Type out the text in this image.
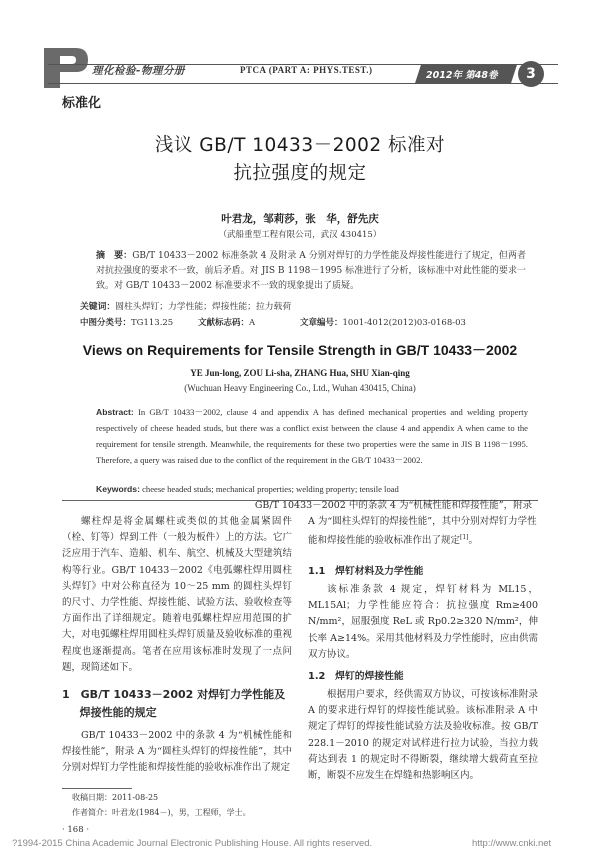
理化检验-物理分册	PTCA (PART A: PHYS.TEST.)	2012年 第48卷	3
标准化
浅议 GB/T 10433－2002 标准对
抗拉强度的规定
叶君龙，邹莉莎，张　华，舒先庆
（武船重型工程有限公司，武汉 430415）
摘　要：GB/T 10433－2002 标准条款 4 及附录 A 分别对焊钉的力学性能及焊接性能进行了规定，但两者对抗拉强度的要求不一致，前后矛盾。对 JIS B 1198－1995 标准进行了分析，该标准中对此性能的要求一致。对 GB/T 10433－2002 标准要求不一致的现象提出了质疑。
关键词：圆柱头焊钉；力学性能；焊接性能；拉力载荷
中图分类号：TG113.25	文献标志码：A	文章编号：1001-4012(2012)03-0168-03
Views on Requirements for Tensile Strength in GB/T 10433－2002
YE Jun-long, ZOU Li-sha, ZHANG Hua, SHU Xian-qing
(Wuchuan Heavy Engineering Co., Ltd., Wuhan 430415, China)
Abstract: In GB/T 10433－2002, clause 4 and appendix A has defined mechanical properties and welding property respectively of cheese headed studs, but there was a conflict exist between the clause 4 and appendix A when came to the requirement for tensile strength. Meanwhile, the requirements for these two properties were the same in JIS B 1198－1995. Therefore, a query was raised due to the conflict of the requirement in the GB/T 10433－2002.
Keywords: cheese headed studs; mechanical properties; welding property; tensile load

螺柱焊是将金属螺柱或类似的其他金属紧固件（栓、钉等）焊到工件（一般为板件）上的方法。它广泛应用于汽车、造船、机车、航空、机械及大型建筑结构等行业。GB/T 10433－2002《电弧螺柱焊用圆柱头焊钉》中对公称直径为 10～25 mm 的圆柱头焊钉的尺寸、力学性能、焊接性能、试验方法、验收检查等方面作出了详细规定。随着电弧螺柱焊应用范围的扩大，对电弧螺柱焊用圆柱头焊钉质量及验收标准的重视程度也逐渐提高。笔者在应用该标准时发现了一点问题，现简述如下。

1　GB/T 10433－2002 对焊钉力学性能及焊接性能的规定

GB/T 10433－2002 中的条款 4 为“机械性能和焊接性能”，附录 A 为“圆柱头焊钉的焊接性能”，其中分别对焊钉力学性能和焊接性能的验收标准作出了规定

GB/T 10433－2002 中的条款 4 为“机械性能和焊接性能”，附录 A 为“圆柱头焊钉的焊接性能”，其中分别对焊钉力学性能和焊接性能的验收标准作出了规定[1]。
1.1　焊钉材料及力学性能

该标准条款 4 规定，焊钉材料为 ML15，ML15Al；力学性能应符合：抗拉强度 Rm≥400 N/mm²，屈服强度 ReL 或 Rp0.2≥320 N/mm²，伸长率 A≥14%。采用其他材料及力学性能时，应由供需双方协议。

1.2　焊钉的焊接性能

根据用户要求，经供需双方协议，可按该标准附录 A 的要求进行焊钉的焊接性能试验。该标准附录 A 中规定了焊钉的焊接性能试验方法及验收标准。按 GB/T 228.1－2010 的规定对试样进行拉力试验，当拉力载荷达到表 1 的规定时不得断裂，继续增大载荷直至拉断，断裂不应发生在焊缝和热影响区内。

收稿日期：2011-08-25
作者简介：叶君龙(1984－)，男，工程师，学士。
· 168 ·
?1994-2015 China Academic Journal Electronic Publishing House. All rights reserved.	http://www.cnki.net
